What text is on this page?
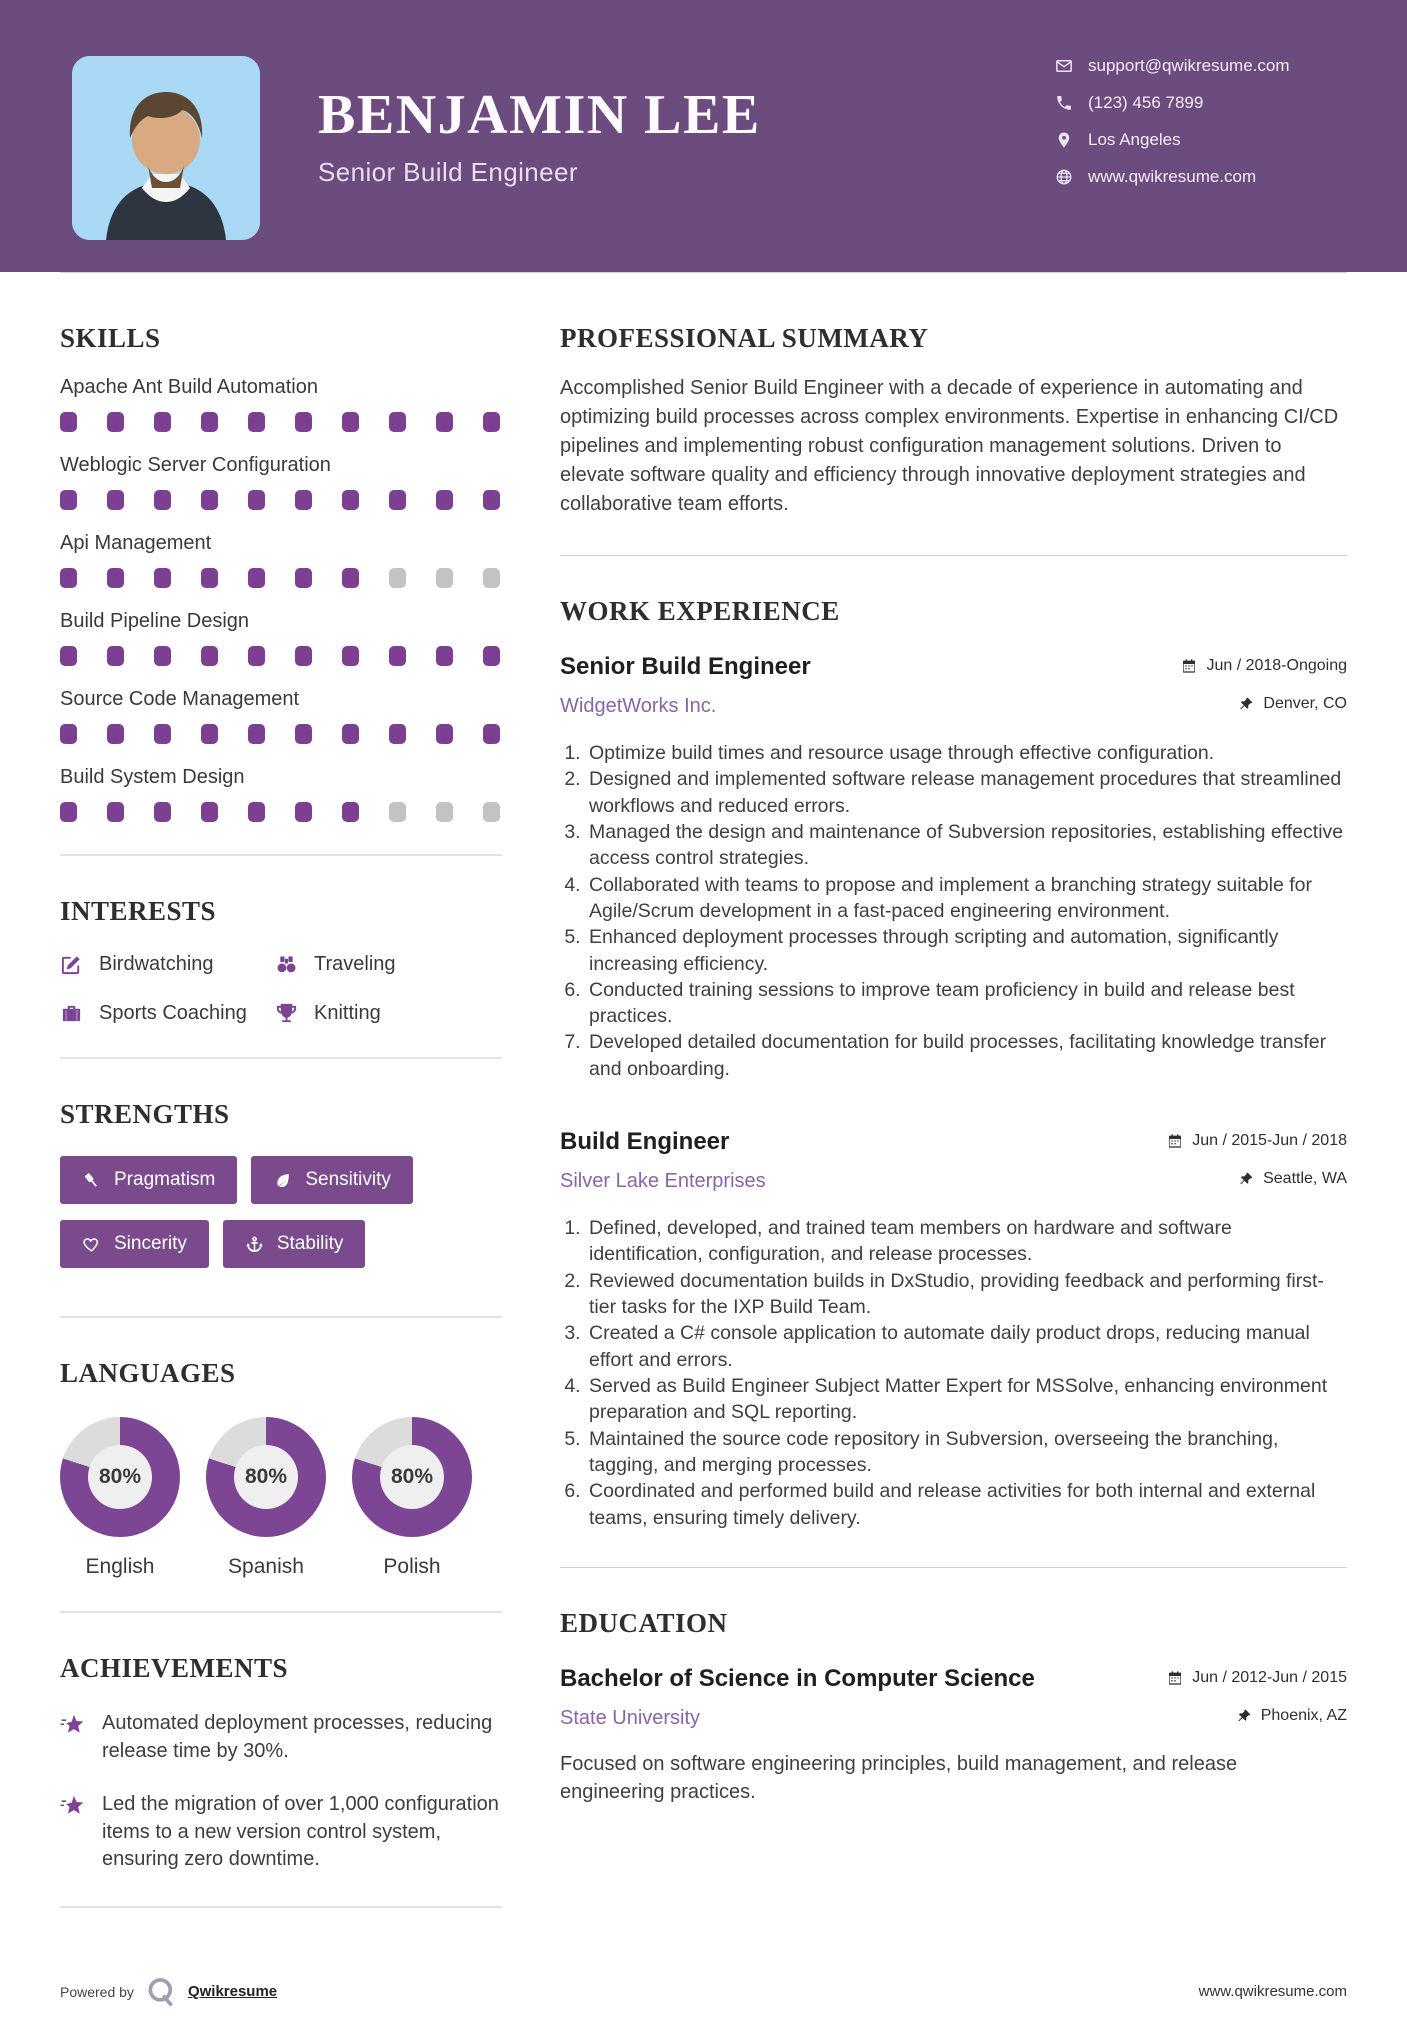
BENJAMIN LEE
Senior Build Engineer
support@qwikresume.com
(123) 456 7899
Los Angeles
www.qwikresume.com
SKILLS
Apache Ant Build Automation
Weblogic Server Configuration
Api Management
Build Pipeline Design
Source Code Management
Build System Design
INTERESTS
Birdwatching	Traveling
Sports Coaching	Knitting
STRENGTHS
Pragmatism	Sensitivity
Sincerity	Stability
LANGUAGES
80%
English
80%
Spanish
80%
Polish
ACHIEVEMENTS

Automated deployment processes, reducing release time by 30%.

Led the migration of over 1,000 configuration items to a new version control system, ensuring zero downtime.

PROFESSIONAL SUMMARY

Accomplished Senior Build Engineer with a decade of experience in automating and optimizing build processes across complex environments. Expertise in enhancing CI/CD pipelines and implementing robust configuration management solutions. Driven to elevate software quality and efficiency through innovative deployment strategies and collaborative team efforts.

WORK EXPERIENCE
Senior Build Engineer	Jun / 2018-Ongoing
WidgetWorks Inc.	Denver, CO
1. Optimize build times and resource usage through effective configuration.
2. Designed and implemented software release management procedures that streamlined workflows and reduced errors.
3. Managed the design and maintenance of Subversion repositories, establishing effective access control strategies.
4. Collaborated with teams to propose and implement a branching strategy suitable for Agile/Scrum development in a fast-paced engineering environment.
5. Enhanced deployment processes through scripting and automation, significantly increasing efficiency.
6. Conducted training sessions to improve team proficiency in build and release best practices.
7. Developed detailed documentation for build processes, facilitating knowledge transfer and onboarding.
Build Engineer	Jun / 2015-Jun / 2018
Silver Lake Enterprises	Seattle, WA
1. Defined, developed, and trained team members on hardware and software identification, configuration, and release processes.
2. Reviewed documentation builds in DxStudio, providing feedback and performing first-tier tasks for the IXP Build Team.
3. Created a C# console application to automate daily product drops, reducing manual effort and errors.
4. Served as Build Engineer Subject Matter Expert for MSSolve, enhancing environment preparation and SQL reporting.
5. Maintained the source code repository in Subversion, overseeing the branching, tagging, and merging processes.
6. Coordinated and performed build and release activities for both internal and external teams, ensuring timely delivery.
EDUCATION
Bachelor of Science in Computer Science	Jun / 2012-Jun / 2015
State University	Phoenix, AZ

Focused on software engineering principles, build management, and release engineering practices.

Powered by	Qwikresume	www.qwikresume.com
